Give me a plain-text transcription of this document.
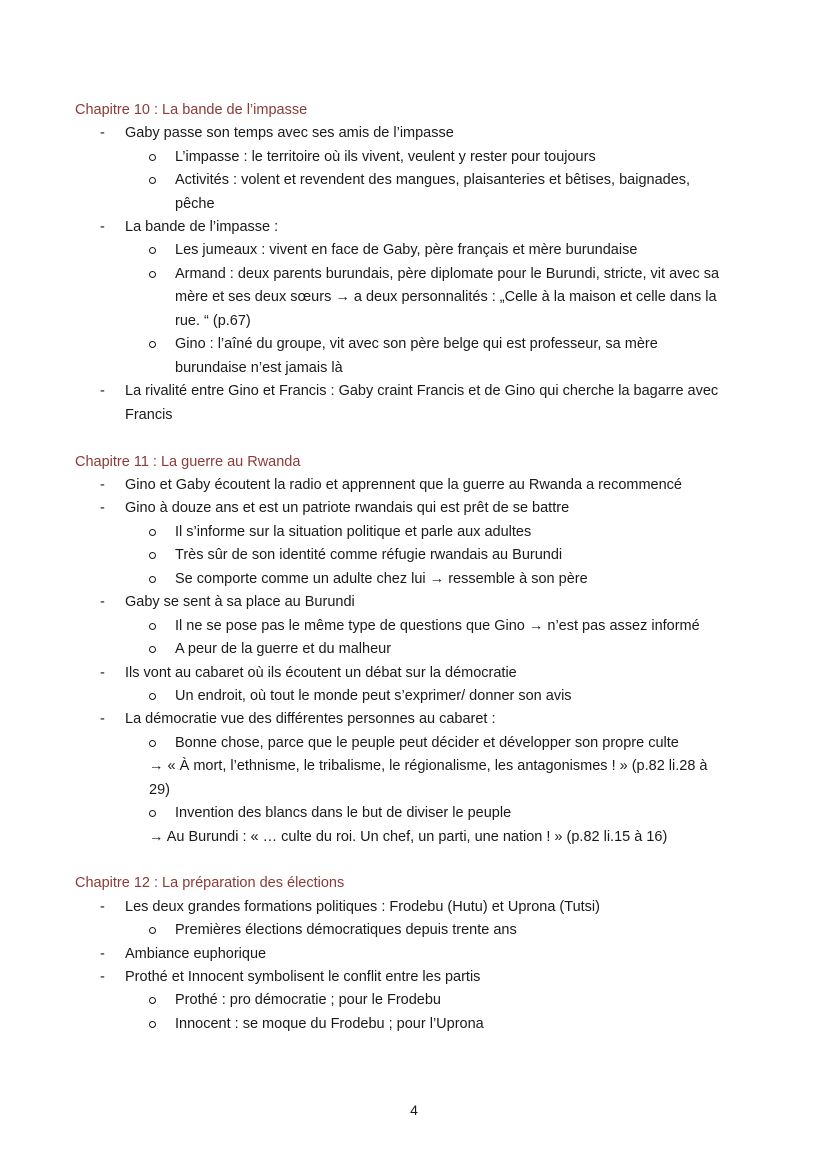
Chapitre 10 : La bande de l’impasse
- Gaby passe son temps avec ses amis de l’impasse
L’impasse : le territoire où ils vivent, veulent y rester pour toujours
Activités : volent et revendent des mangues, plaisanteries et bêtises, baignades,
pêche
- La bande de l’impasse :
Les jumeaux : vivent en face de Gaby, père français et mère burundaise
Armand : deux parents burundais, père diplomate pour le Burundi, stricte, vit avec sa
mère et ses deux sœurs → a deux personnalités : „Celle à la maison et celle dans la
rue. “ (p.67)
Gino : l’aîné du groupe, vit avec son père belge qui est professeur, sa mère
burundaise n’est jamais là
- La rivalité entre Gino et Francis : Gaby craint Francis et de Gino qui cherche la bagarre avec
Francis
Chapitre 11 : La guerre au Rwanda
- Gino et Gaby écoutent la radio et apprennent que la guerre au Rwanda a recommencé
- Gino à douze ans et est un patriote rwandais qui est prêt de se battre
Il s’informe sur la situation politique et parle aux adultes
Très sûr de son identité comme réfugie rwandais au Burundi
Se comporte comme un adulte chez lui → ressemble à son père
- Gaby se sent à sa place au Burundi
Il ne se pose pas le même type de questions que Gino → n’est pas assez informé
A peur de la guerre et du malheur
- Ils vont au cabaret où ils écoutent un débat sur la démocratie
Un endroit, où tout le monde peut s’exprimer/ donner son avis
- La démocratie vue des différentes personnes au cabaret :
Bonne chose, parce que le peuple peut décider et développer son propre culte
→ « À mort, l’ethnisme, le tribalisme, le régionalisme, les antagonismes ! » (p.82 li.28 à
29)
Invention des blancs dans le but de diviser le peuple
→ Au Burundi : « … culte du roi. Un chef, un parti, une nation ! » (p.82 li.15 à 16)
Chapitre 12 : La préparation des élections
- Les deux grandes formations politiques : Frodebu (Hutu) et Uprona (Tutsi)
Premières élections démocratiques depuis trente ans
- Ambiance euphorique
- Prothé et Innocent symbolisent le conflit entre les partis
Prothé : pro démocratie ; pour le Frodebu
Innocent : se moque du Frodebu ; pour l’Uprona
4
